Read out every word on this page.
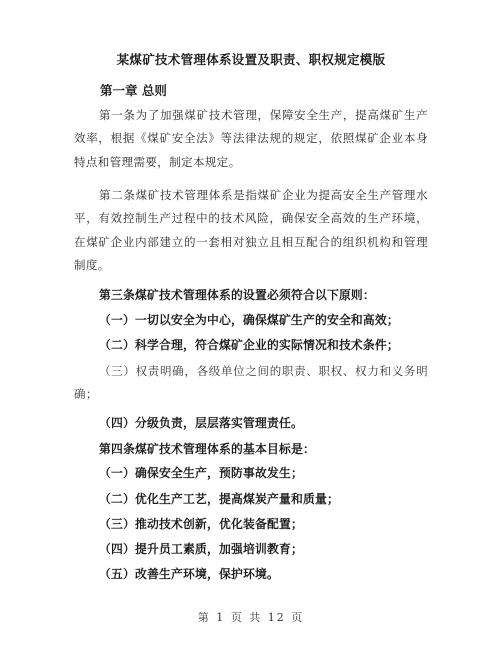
某煤矿技术管理体系设置及职责、职权规定模版
第一章 总则
第一条为了加强煤矿技术管理，保障安全生产，提高煤矿生产效率，根据《煤矿安全法》等法律法规的规定，依照煤矿企业本身特点和管理需要，制定本规定。
第二条煤矿技术管理体系是指煤矿企业为提高安全生产管理水平，有效控制生产过程中的技术风险，确保安全高效的生产环境，在煤矿企业内部建立的一套相对独立且相互配合的组织机构和管理制度。
第三条煤矿技术管理体系的设置必须符合以下原则：
（一）一切以安全为中心，确保煤矿生产的安全和高效；
（二）科学合理，符合煤矿企业的实际情况和技术条件；
（三）权责明确，各级单位之间的职责、职权、权力和义务明确；
（四）分级负责，层层落实管理责任。
第四条煤矿技术管理体系的基本目标是：
（一）确保安全生产，预防事故发生；
（二）优化生产工艺，提高煤炭产量和质量；
（三）推动技术创新，优化装备配置；
（四）提升员工素质，加强培训教育；
（五）改善生产环境，保护环境。
第 1 页 共 12 页
